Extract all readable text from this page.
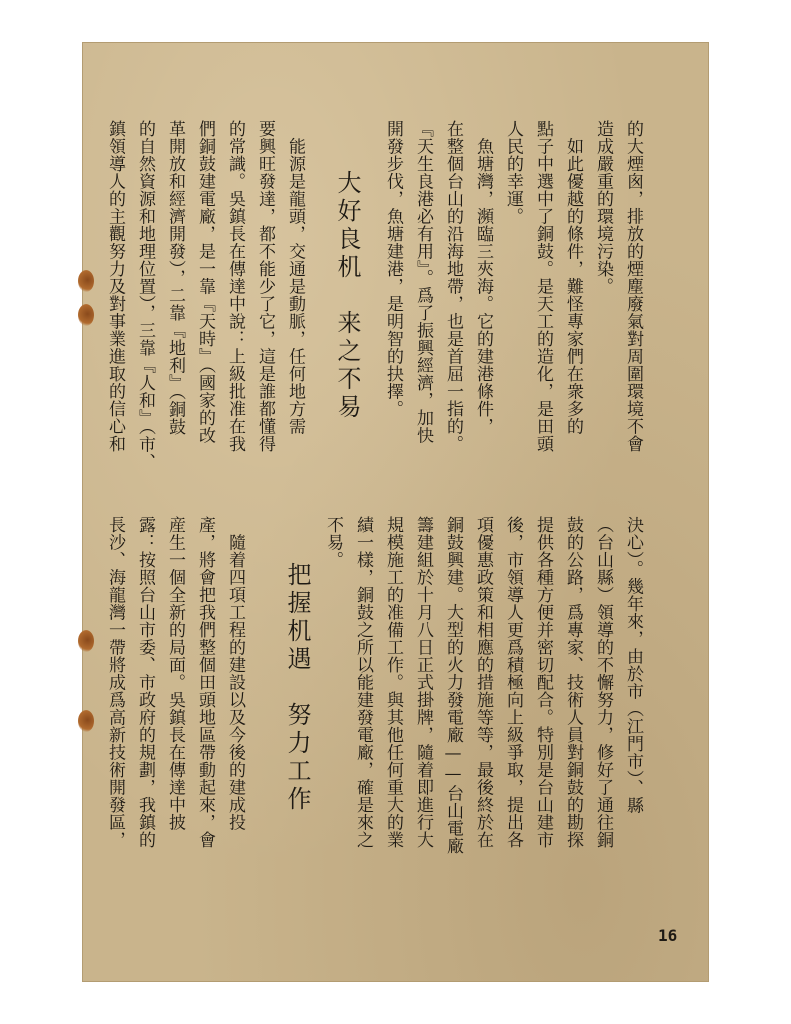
的大煙囪，排放的煙塵廢氣對周圍環境不會
造成嚴重的環境污染。
　如此優越的條件，難怪專家們在衆多的
點子中選中了銅鼓。是天工的造化，是田頭
人民的幸運。
　魚塘灣，瀕臨三夾海。它的建港條件，
在整個台山的沿海地帶，也是首屈一指的。
『天生良港必有用』。爲了振興經濟，加快
開發步伐，魚塘建港，是明智的抉擇。
大好良机　来之不易
　能源是龍頭，交通是動脈，任何地方需
要興旺發達，都不能少了它，這是誰都懂得
的常識。吳鎮長在傳達中說：上級批准在我
們銅鼓建電廠，是一靠『天時』（國家的改
革開放和經濟開發），二靠『地利』（銅鼓
的自然資源和地理位置），三靠『人和』（市、
鎮領導人的主觀努力及對事業進取的信心和
決心）。幾年來，由於市（江門市）、縣
（台山縣）領導的不懈努力，修好了通往銅
鼓的公路，爲專家、技術人員對銅鼓的勘探
提供各種方便并密切配合。特別是台山建市
後，市領導人更爲積極向上級爭取，提出各
項優惠政策和相應的措施等等，最後終於在
銅鼓興建。大型的火力發電廠——台山電廠
籌建組於十月八日正式掛牌，隨着即進行大
規模施工的准備工作。與其他任何重大的業
績一樣，銅鼓之所以能建發電廠，確是來之
不易。
把握机遇　努力工作
　隨着四項工程的建設以及今後的建成投
產，將會把我們整個田頭地區帶動起來，會
産生一個全新的局面。吳鎮長在傳達中披
露：按照台山市委、市政府的規劃，我鎮的
長沙、海龍灣一帶將成爲高新技術開發區，
16
